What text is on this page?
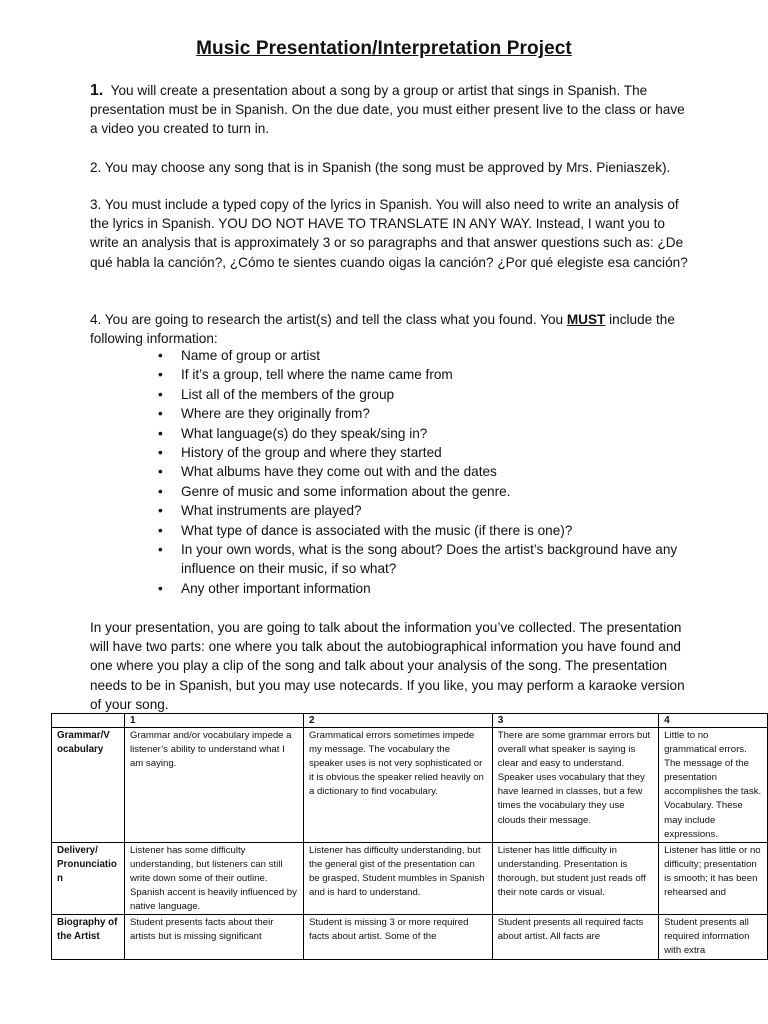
Music Presentation/Interpretation Project
1. You will create a presentation about a song by a group or artist that sings in Spanish. The presentation must be in Spanish. On the due date, you must either present live to the class or have a video you created to turn in.
2. You may choose any song that is in Spanish (the song must be approved by Mrs. Pieniaszek).
3. You must include a typed copy of the lyrics in Spanish. You will also need to write an analysis of the lyrics in Spanish. YOU DO NOT HAVE TO TRANSLATE IN ANY WAY. Instead, I want you to write an analysis that is approximately 3 or so paragraphs and that answer questions such as: ¿De qué habla la canción?, ¿Cómo te sientes cuando oigas la canción? ¿Por qué elegiste esa canción?
4. You are going to research the artist(s) and tell the class what you found. You MUST include the following information:
• Name of group or artist
• If it’s a group, tell where the name came from
• List all of the members of the group
• Where are they originally from?
• What language(s) do they speak/sing in?
• History of the group and where they started
• What albums have they come out with and the dates
• Genre of music and some information about the genre.
• What instruments are played?
• What type of dance is associated with the music (if there is one)?
• In your own words, what is the song about? Does the artist’s background have any influence on their music, if so what?
• Any other important information
In your presentation, you are going to talk about the information you’ve collected. The presentation will have two parts: one where you talk about the autobiographical information you have found and one where you play a clip of the song and talk about your analysis of the song. The presentation needs to be in Spanish, but you may use notecards. If you like, you may perform a karaoke version of your song.
	1	2	3	4
Grammar/V ocabulary	Grammar and/or vocabulary impede a listener’s ability to understand what I am saying.	Grammatical errors sometimes impede my message. The vocabulary the speaker uses is not very sophisticated or it is obvious the speaker relied heavily on a dictionary to find vocabulary.	There are some grammar errors but overall what speaker is saying is clear and easy to understand. Speaker uses vocabulary that they have learned in classes, but a few times the vocabulary they use clouds their message.	Little to no grammatical errors. The message of the presentation accomplishes the task. Vocabulary. These may include expressions.
Delivery/ Pronunciatio n	Listener has some difficulty understanding, but listeners can still write down some of their outline. Spanish accent is heavily influenced by native language.	Listener has difficulty understanding, but the general gist of the presentation can be grasped. Student mumbles in Spanish and is hard to understand.	Listener has little difficulty in understanding. Presentation is thorough, but student just reads off their note cards or visual.	Listener has little or no difficulty; presentation is smooth; it has been rehearsed and
Biography of the Artist	Student presents facts about their artists but is missing significant	Student is missing 3 or more required facts about artist. Some of the	Student presents all required facts about artist. All facts are	Student presents all required information with extra
